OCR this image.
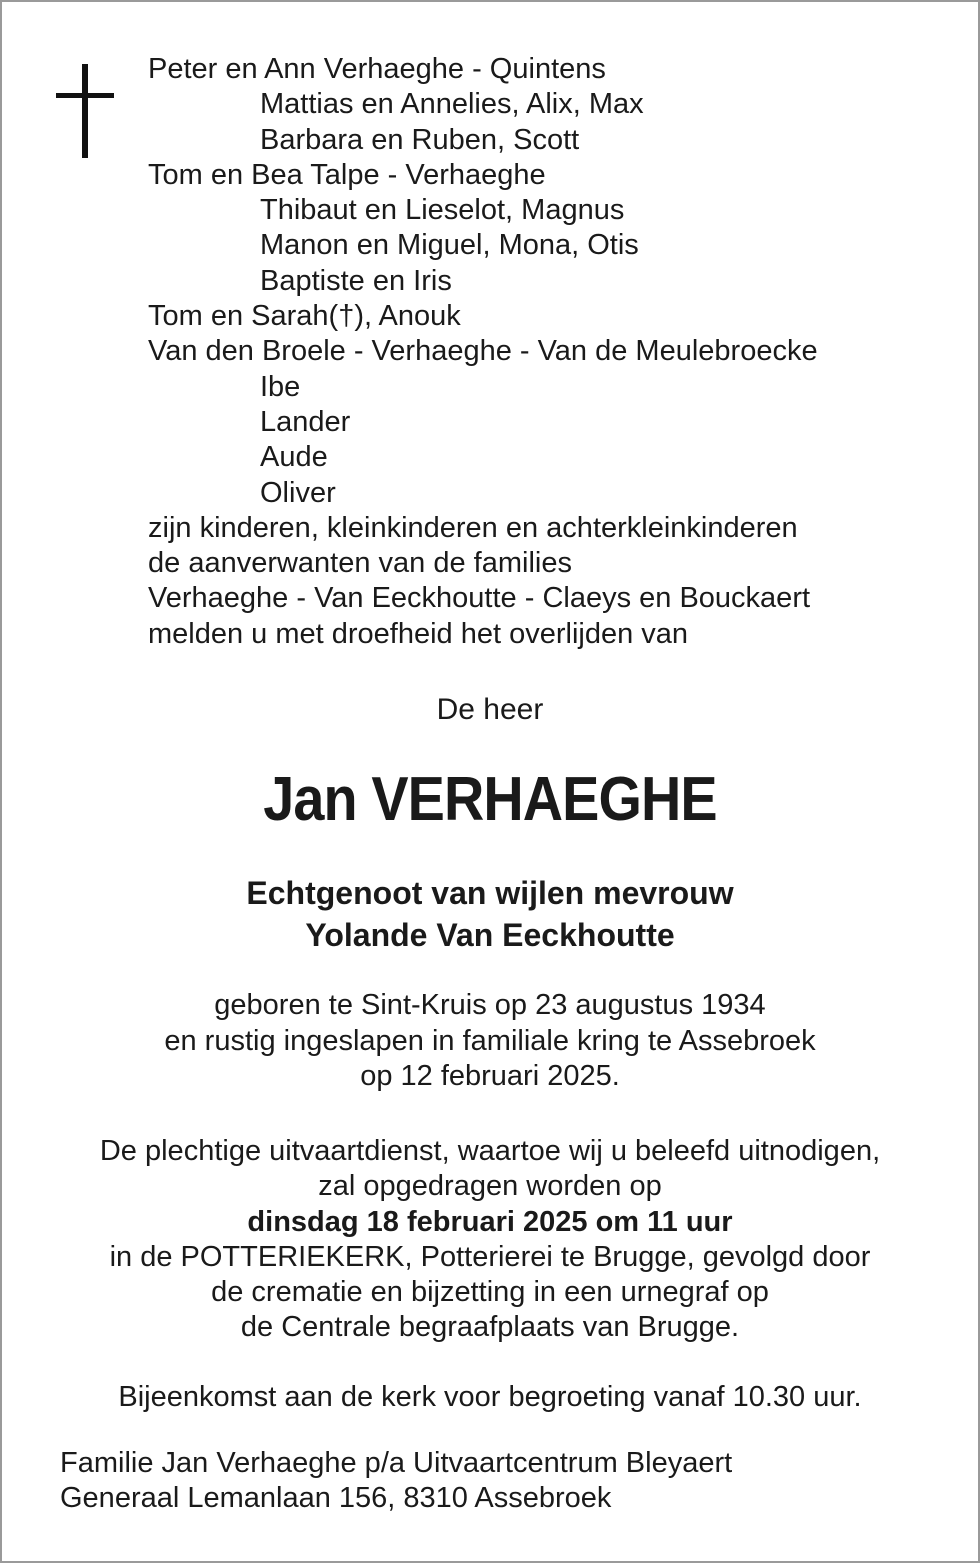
Peter en Ann Verhaeghe - Quintens
Mattias en Annelies, Alix, Max
Barbara en Ruben, Scott
Tom en Bea Talpe - Verhaeghe
Thibaut en Lieselot, Magnus
Manon en Miguel, Mona, Otis
Baptiste en Iris
Tom en Sarah(†), Anouk
Van den Broele - Verhaeghe - Van de Meulebroecke
Ibe
Lander
Aude
Oliver
zijn kinderen, kleinkinderen en achterkleinkinderen
de aanverwanten van de families
Verhaeghe - Van Eeckhoutte - Claeys en Bouckaert
melden u met droefheid het overlijden van
De heer
Jan VERHAEGHE
Echtgenoot van wijlen mevrouw
Yolande Van Eeckhoutte
geboren te Sint-Kruis op 23 augustus 1934
en rustig ingeslapen in familiale kring te Assebroek
op 12 februari 2025.
De plechtige uitvaartdienst, waartoe wij u beleefd uitnodigen,
zal opgedragen worden op
dinsdag 18 februari 2025 om 11 uur
in de POTTERIEKERK, Potterierei te Brugge, gevolgd door
de crematie en bijzetting in een urnegraf op
de Centrale begraafplaats van Brugge.
Bijeenkomst aan de kerk voor begroeting vanaf 10.30 uur.
Familie Jan Verhaeghe p/a Uitvaartcentrum Bleyaert
Generaal Lemanlaan 156, 8310 Assebroek
